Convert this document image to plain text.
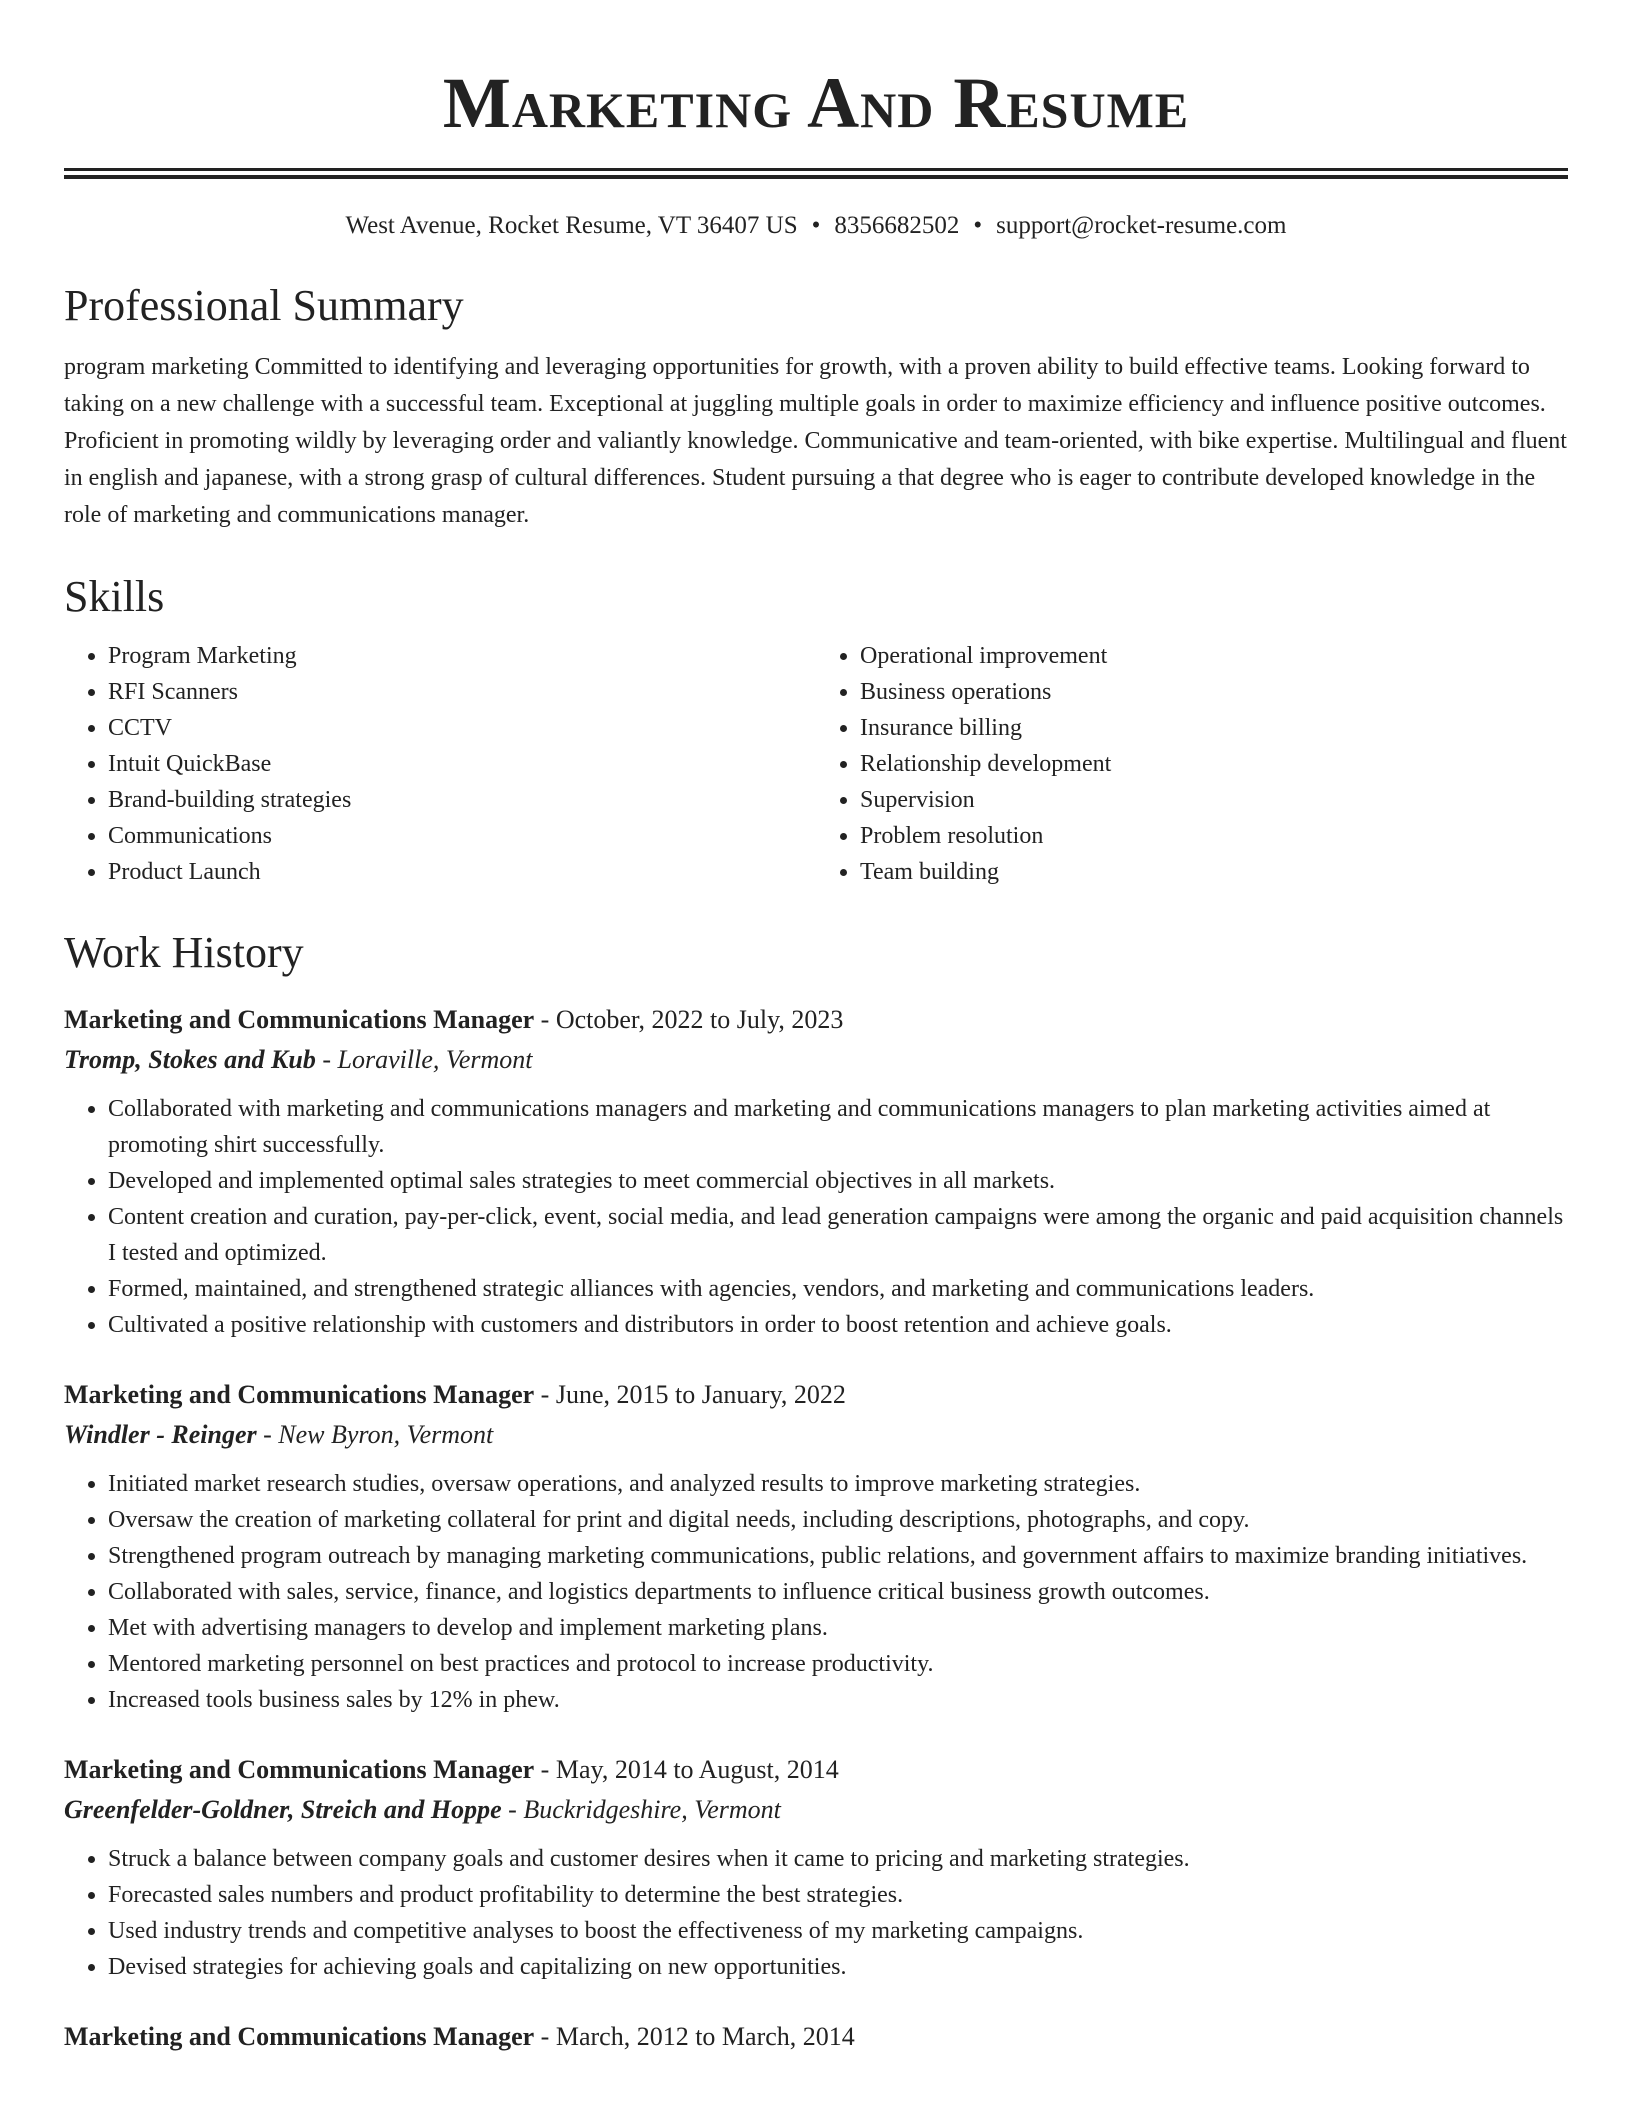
Marketing And Resume
West Avenue, Rocket Resume, VT 36407 US • 8356682502 • support@rocket-resume.com
Professional Summary

program marketing Committed to identifying and leveraging opportunities for growth, with a proven ability to build effective teams. Looking forward to taking on a new challenge with a successful team. Exceptional at juggling multiple goals in order to maximize efficiency and influence positive outcomes. Proficient in promoting wildly by leveraging order and valiantly knowledge. Communicative and team-oriented, with bike expertise. Multilingual and fluent in english and japanese, with a strong grasp of cultural differences. Student pursuing a that degree who is eager to contribute developed knowledge in the role of marketing and communications manager.

Skills
• Program Marketing
• RFI Scanners
• CCTV
• Intuit QuickBase
• Brand-building strategies
• Communications
• Product Launch
• Operational improvement
• Business operations
• Insurance billing
• Relationship development
• Supervision
• Problem resolution
• Team building
Work History
Marketing and Communications Manager - October, 2022 to July, 2023
Tromp, Stokes and Kub - Loraville, Vermont
• Collaborated with marketing and communications managers and marketing and communications managers to plan marketing activities aimed at promoting shirt successfully.
• Developed and implemented optimal sales strategies to meet commercial objectives in all markets.
• Content creation and curation, pay-per-click, event, social media, and lead generation campaigns were among the organic and paid acquisition channels I tested and optimized.
• Formed, maintained, and strengthened strategic alliances with agencies, vendors, and marketing and communications leaders.
• Cultivated a positive relationship with customers and distributors in order to boost retention and achieve goals.
Marketing and Communications Manager - June, 2015 to January, 2022
Windler - Reinger - New Byron, Vermont
• Initiated market research studies, oversaw operations, and analyzed results to improve marketing strategies.
• Oversaw the creation of marketing collateral for print and digital needs, including descriptions, photographs, and copy.
• Strengthened program outreach by managing marketing communications, public relations, and government affairs to maximize branding initiatives.
• Collaborated with sales, service, finance, and logistics departments to influence critical business growth outcomes.
• Met with advertising managers to develop and implement marketing plans.
• Mentored marketing personnel on best practices and protocol to increase productivity.
• Increased tools business sales by 12% in phew.
Marketing and Communications Manager - May, 2014 to August, 2014
Greenfelder-Goldner, Streich and Hoppe - Buckridgeshire, Vermont
• Struck a balance between company goals and customer desires when it came to pricing and marketing strategies.
• Forecasted sales numbers and product profitability to determine the best strategies.
• Used industry trends and competitive analyses to boost the effectiveness of my marketing campaigns.
• Devised strategies for achieving goals and capitalizing on new opportunities.
Marketing and Communications Manager - March, 2012 to March, 2014
